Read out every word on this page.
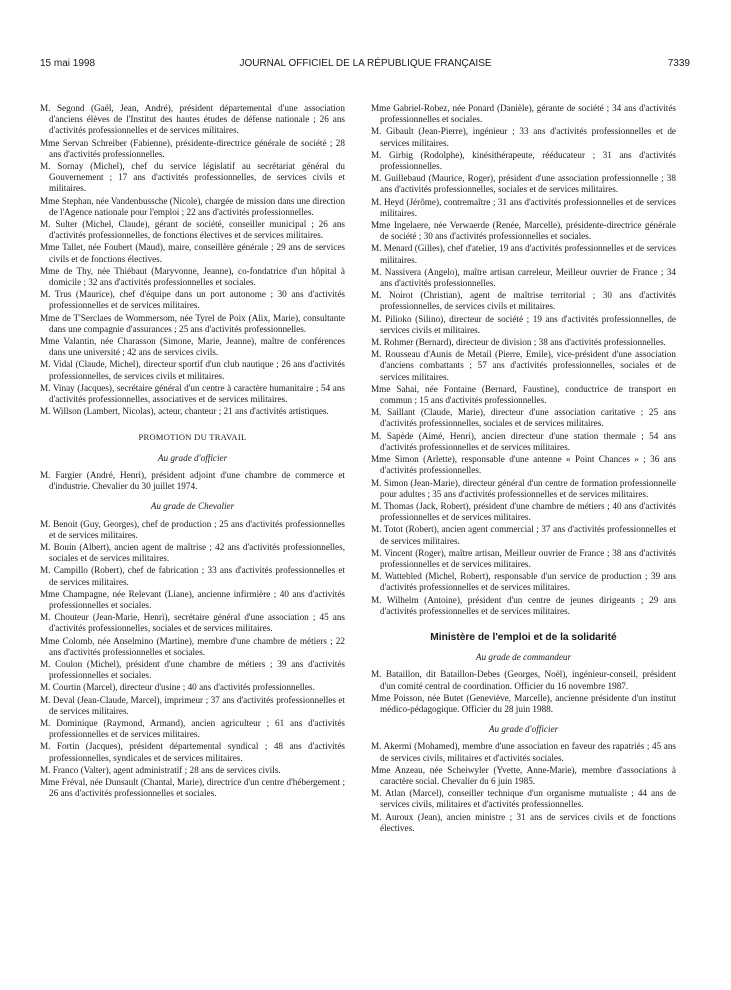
15 mai 1998	JOURNAL OFFICIEL DE LA RÉPUBLIQUE FRANÇAISE	7339

M. Segond (Gaël, Jean, André), président départemental d'une association d'anciens élèves de l'Institut des hautes études de défense nationale ; 26 ans d'activités professionnelles et de services militaires.

Mme Servan Schreiber (Fabienne), présidente-directrice générale de société ; 28 ans d'activités professionnelles.

M. Sornay (Michel), chef du service législatif au secrétariat général du Gouvernement ; 17 ans d'activités professionnelles, de services civils et militaires.

Mme Stephan, née Vandenbussche (Nicole), chargée de mission dans une direction de l'Agence nationale pour l'emploi ; 22 ans d'activités professionnelles.

M. Sulter (Michel, Claude), gérant de société, conseiller municipal ; 26 ans d'activités professionnelles, de fonctions électives et de services militaires.

Mme Tallet, née Foubert (Maud), maire, conseillère générale ; 29 ans de services civils et de fonctions électives.

Mme de Thy, née Thiébaut (Maryvonne, Jeanne), co-fondatrice d'un hôpital à domicile ; 32 ans d'activités professionnelles et sociales.

M. Trus (Maurice), chef d'équipe dans un port autonome ; 30 ans d'activités professionnelles et de services militaires.

Mme de T'Serclaes de Wommersom, née Tyrel de Poix (Alix, Marie), consultante dans une compagnie d'assurances ; 25 ans d'activités professionnelles.

Mme Valantin, née Charasson (Simone, Marie, Jeanne), maître de conférences dans une université ; 42 ans de services civils.

M. Vidal (Claude, Michel), directeur sportif d'un club nautique ; 26 ans d'activités professionnelles, de services civils et militaires.

M. Vinay (Jacques), secrétaire général d'un centre à caractère humanitaire ; 54 ans d'activités professionnelles, associatives et de services militaires.

M. Willson (Lambert, Nicolas), acteur, chanteur ; 21 ans d'activités artistiques.

PROMOTION DU TRAVAIL
Au grade d'officier

M. Fargier (André, Henri), président adjoint d'une chambre de commerce et d'industrie. Chevalier du 30 juillet 1974.

Au grade de Chevalier

M. Benoit (Guy, Georges), chef de production ; 25 ans d'activités professionnelles et de services militaires.

M. Bouin (Albert), ancien agent de maîtrise ; 42 ans d'activités professionnelles, sociales et de services militaires.

M. Campillo (Robert), chef de fabrication ; 33 ans d'activités professionnelles et de services militaires.

Mme Champagne, née Relevant (Liane), ancienne infirmière ; 40 ans d'activités professionnelles et sociales.

M. Chouteur (Jean-Marie, Henri), secrétaire général d'une association ; 45 ans d'activités professionnelles, sociales et de services militaires.

Mme Colomb, née Anselmino (Martine), membre d'une chambre de métiers ; 22 ans d'activités professionnelles et sociales.

M. Coulon (Michel), président d'une chambre de métiers ; 39 ans d'activités professionnelles et sociales.

M. Courtin (Marcel), directeur d'usine ; 40 ans d'activités professionnelles.

M. Deval (Jean-Claude, Marcel), imprimeur ; 37 ans d'activités professionnelles et de services militaires.

M. Dominique (Raymond, Armand), ancien agriculteur ; 61 ans d'activités professionnelles et de services militaires.

M. Fortin (Jacques), président départemental syndical ; 48 ans d'activités professionnelles, syndicales et de services militaires.

M. Franco (Valter), agent administratif ; 28 ans de services civils.

Mme Fréval, née Dunsault (Chantal, Marie), directrice d'un centre d'hébergement ; 26 ans d'activités professionnelles et sociales.

Mme Gabriel-Robez, née Ponard (Danièle), gérante de société ; 34 ans d'activités professionnelles et sociales.

M. Gibault (Jean-Pierre), ingénieur ; 33 ans d'activités professionnelles et de services militaires.

M. Girbig (Rodolphe), kinésithérapeute, rééducateur ; 31 ans d'activités professionnelles.

M. Guillebaud (Maurice, Roger), président d'une association professionnelle ; 38 ans d'activités professionnelles, sociales et de services militaires.

M. Heyd (Jérôme), contremaître ; 31 ans d'activités professionnelles et de services militaires.

Mme Ingelaere, née Verwaerde (Renée, Marcelle), présidente-directrice générale de société ; 30 ans d'activités professionnelles et sociales.

M. Menard (Gilles), chef d'atelier, 19 ans d'activités professionnelles et de services militaires.

M. Nassivera (Angelo), maître artisan carreleur, Meilleur ouvrier de France ; 34 ans d'activités professionnelles.

M. Noirot (Christian), agent de maîtrise territorial ; 30 ans d'activités professionnelles, de services civils et militaires.

M. Pilioko (Silino), directeur de société ; 19 ans d'activités professionnelles, de services civils et militaires.

M. Rohmer (Bernard), directeur de division ; 38 ans d'activités professionnelles.

M. Rousseau d'Aunis de Metail (Pierre, Emile), vice-président d'une association d'anciens combattants ; 57 ans d'activités professionnelles, sociales et de services militaires.

Mme Sahai, née Fontaine (Bernard, Faustine), conductrice de transport en commun ; 15 ans d'activités professionnelles.

M. Saillant (Claude, Marie), directeur d'une association caritative ; 25 ans d'activités professionnelles, sociales et de services militaires.

M. Sapède (Aimé, Henri), ancien directeur d'une station thermale ; 54 ans d'activités professionnelles et de services militaires.

Mme Simon (Arlette), responsable d'une antenne « Point Chances » ; 36 ans d'activités professionnelles.

M. Simon (Jean-Marie), directeur général d'un centre de formation professionnelle pour adultes ; 35 ans d'activités professionnelles et de services militaires.

M. Thomas (Jack, Robert), président d'une chambre de métiers ; 40 ans d'activités professionnelles et de services militaires.

M. Totot (Robert), ancien agent commercial ; 37 ans d'activités professionnelles et de services militaires.

M. Vincent (Roger), maître artisan, Meilleur ouvrier de France ; 38 ans d'activités professionnelles et de services militaires.

M. Wattebled (Michel, Robert), responsable d'un service de production ; 39 ans d'activités professionnelles et de services militaires.

M. Wilhelm (Antoine), président d'un centre de jeunes dirigeants ; 29 ans d'activités professionnelles et de services militaires.

Ministère de l'emploi et de la solidarité
Au grade de commandeur

M. Bataillon, dit Bataillon-Debes (Georges, Noël), ingénieur-conseil, président d'un comité central de coordination. Officier du 16 novembre 1987.

Mme Poisson, née Butet (Geneviève, Marcelle), ancienne présidente d'un institut médico-pédagogique. Officier du 28 juin 1988.

Au grade d'officier

M. Akermi (Mohamed), membre d'une association en faveur des rapatriés ; 45 ans de services civils, militaires et d'activités sociales.

Mme Anzeau, née Scheiwyler (Yvette, Anne-Marie), membre d'associations à caractère social. Chevalier du 6 juin 1985.

M. Atlan (Marcel), conseiller technique d'un organisme mutualiste ; 44 ans de services civils, militaires et d'activités professionnelles.

M. Auroux (Jean), ancien ministre ; 31 ans de services civils et de fonctions électives.
